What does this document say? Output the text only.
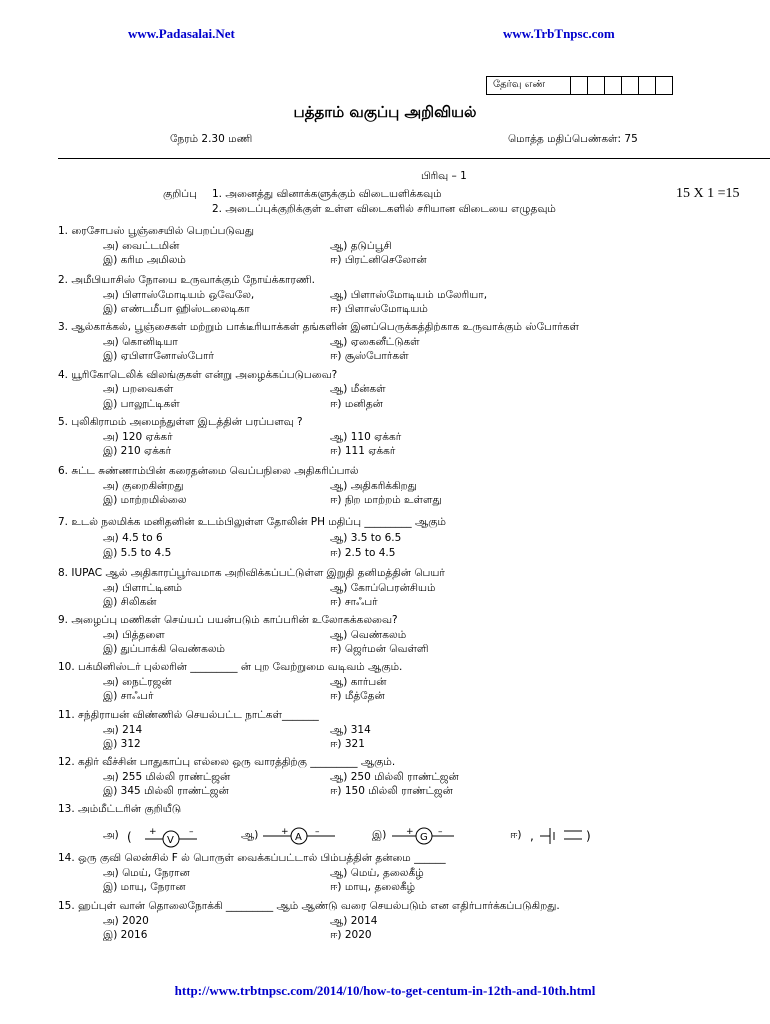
www.Padasalai.Net	www.TrbTnpsc.com
தேர்வு எண்
பத்தாம் வகுப்பு அறிவியல்
நேரம் 2.30 மணி	மொத்த மதிப்பெண்கள்: 75
பிரிவு – 1
குறிப்பு 1. அனைத்து வினாக்களுக்கும் விடையளிக்கவும்
2. அடைப்புக்குறிக்குள் உள்ள விடைகளில் சரியான விடையை எழுதவும்
15 X 1 =15
1. ரைசோபஸ் பூஞ்சையில் பெறப்படுவது
அ) வைட்டமின்	ஆ) தடுப்பூசி
இ) கரிம அமிலம்	ஈ) பிரட்னிசெலோன்
2. அமீபியாசிஸ் நோயை உருவாக்கும் நோய்க்காரணி.
அ) பிளாஸ்மோடியம் ஒவேலே,	ஆ) பிளாஸ்மோடியம் மலேரியா,
இ) எண்டமீபா ஹிஸ்டலைடிகா	ஈ) பிளாஸ்மோடியம்
3. ஆல்காக்கல், பூஞ்சைகள் மற்றும் பாக்டீரியாக்கள் தங்களின் இனப்பெருக்கத்திற்காக உருவாக்கும் ஸ்போர்கள்
அ) கொனிடியா	ஆ) ஏகைனீட்டுகள்
இ) ஏபிளானோஸ்போர்	ஈ) சூஸ்போர்கள்
4. யூரிகோடெலிக் விலங்குகள் என்று அழைக்கப்படுபவை?
அ) பறவைகள்	ஆ) மீன்கள்
இ) பாலூட்டிகள்	ஈ) மனிதன்
5. புலிகிராமம் அமைந்துள்ள இடத்தின் பரப்பளவு ?
அ) 120 ஏக்கர்	ஆ) 110 ஏக்கர்
இ) 210 ஏக்கர்	ஈ) 111 ஏக்கர்
6. சுட்ட சுண்ணாம்பின் கரைதன்மை வெப்பநிலை அதிகரிப்பால்
அ) குறைகின்றது	ஆ) அதிகரிக்கிறது
இ) மாற்றமில்லை	ஈ) நிற மாற்றம் உள்ளது
7. உடல் நலமிக்க மனிதனின் உடம்பிலுள்ள தோலின் PH மதிப்பு _________ ஆகும்
அ) 4.5 to 6	ஆ) 3.5 to 6.5
இ) 5.5 to 4.5	ஈ) 2.5 to 4.5
8. IUPAC ஆல் அதிகாரப்பூர்வமாக அறிவிக்கப்பட்டுள்ள இறுதி தனிமத்தின் பெயர்
அ) பிளாட்டினம்	ஆ) கோப்பெரன்சியம்
இ) சிலிகன்	ஈ) சாஃபர்
9. அழைப்பு மணிகள் செய்யப் பயன்படும் காப்பரின் உலோகக்கலவை?
அ) பித்தளை	ஆ) வெண்கலம்
இ) துப்பாக்கி வெண்கலம்	ஈ) ஜெர்மன் வெள்ளி
10. பக்மினிஸ்டர் புல்லரின் _________ ன் புற வேற்றுமை வடிவம் ஆகும்.
அ) நைட்ரஜன்	ஆ) கார்பன்
இ) சாஃபர்	ஈ) மீத்தேன்
11. சந்திராயன் விண்ணில் செயல்பட்ட நாட்கள்_______
அ) 214	ஆ) 314
இ) 312	ஈ) 321
12. கதிர் வீச்சின் பாதுகாப்பு எல்லை ஒரு வாரத்திற்கு _________ ஆகும்.
அ) 255 மில்லி ராண்ட்ஜன்	ஆ) 250 மில்லி ராண்ட்ஜன்
இ) 345 மில்லி ராண்ட்ஜன்	ஈ) 150 மில்லி ராண்ட்ஜன்
13. அம்மீட்டரின் குறியீடு
அ) ( +
V
–	ஆ)	+ A –	இ) + G –	ஈ) ,	)
14. ஒரு குவி லென்சில் F ல் பொருள் வைக்கப்பட்டால் பிம்பத்தின் தன்மை ______
அ) மெய், நேரான	ஆ) மெய், தலைகீழ்
இ) மாயு, நேரான	ஈ) மாயு, தலைகீழ்
15. ஹப்புள் வான் தொலைநோக்கி _________ ஆம் ஆண்டு வரை செயல்படும் என எதிர்பார்க்கப்படுகிறது.
அ) 2020	ஆ) 2014
இ) 2016	ஈ) 2020
http://www.trbtnpsc.com/2014/10/how-to-get-centum-in-12th-and-10th.html
